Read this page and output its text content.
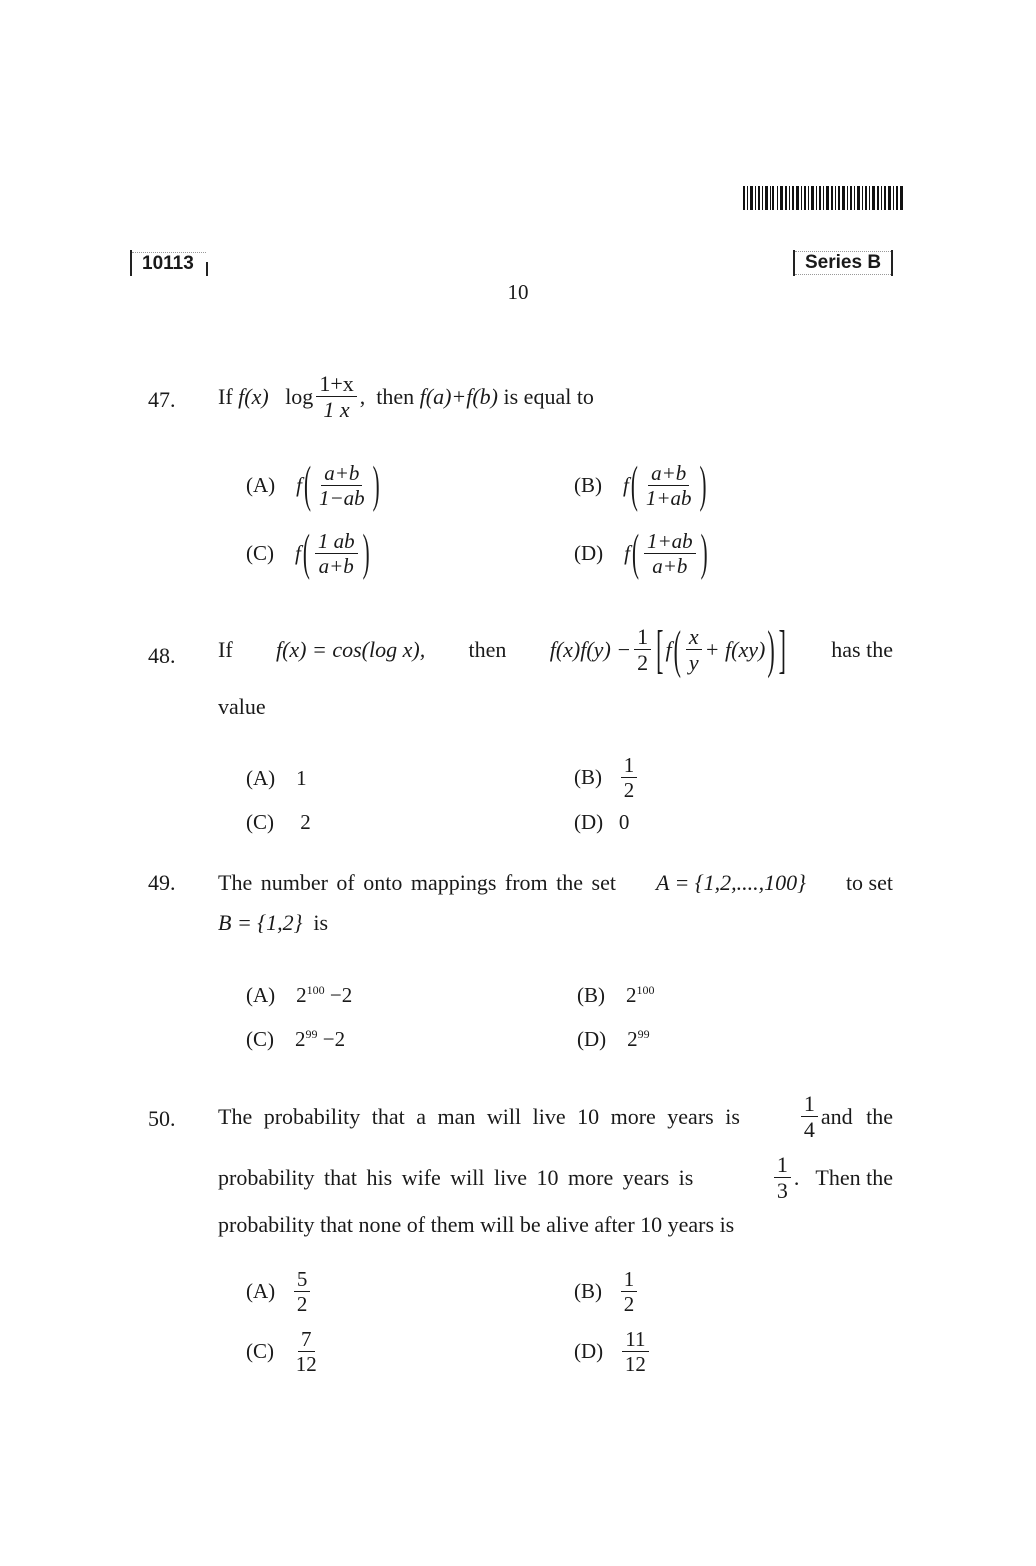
10113	Series B
10
47. If
f(x)
$\log \frac{1+x}{1 x}$ ,
then
f(a)+f(b)
is equal to
(A)
f ( $\frac{a+b}{1-ab}$ )	(B)
f ( $\frac{a+b}{1+ab}$ )
(C)
f ( $\frac{1 ab}{a+b}$ )	(D)
f ( $\frac{1+ab}{a+b}$ )
48. If f(x) = cos(log x), then $f(x)f(y) - \frac{1}{2}$ [ f ( $\frac{x}{y} + f(xy)$ ) ] has the
value
(A) 1	(B)
$\frac{1}{2}$
(C) 2	(D) 0
49. The number of onto mappings from the set A = {1,2,....,100} to set
B = {1,2} is
(A) $2^{100} -2$	(B) $2^{100}$
(C) $2^{99} -2$	(D) $2^{99}$
50. The probability that a man will live 10 more years is	$\frac{1}{4}$ and the
probability that his wife will live 10 more years is	$\frac{1}{3}$ .   Then the
probability that none of them will be alive after 10 years is
(A)
$\frac{5}{2}$	(B)
$\frac{1}{2}$
(C)
$\frac{7}{12}$	(D)
$\frac{11}{12}$
